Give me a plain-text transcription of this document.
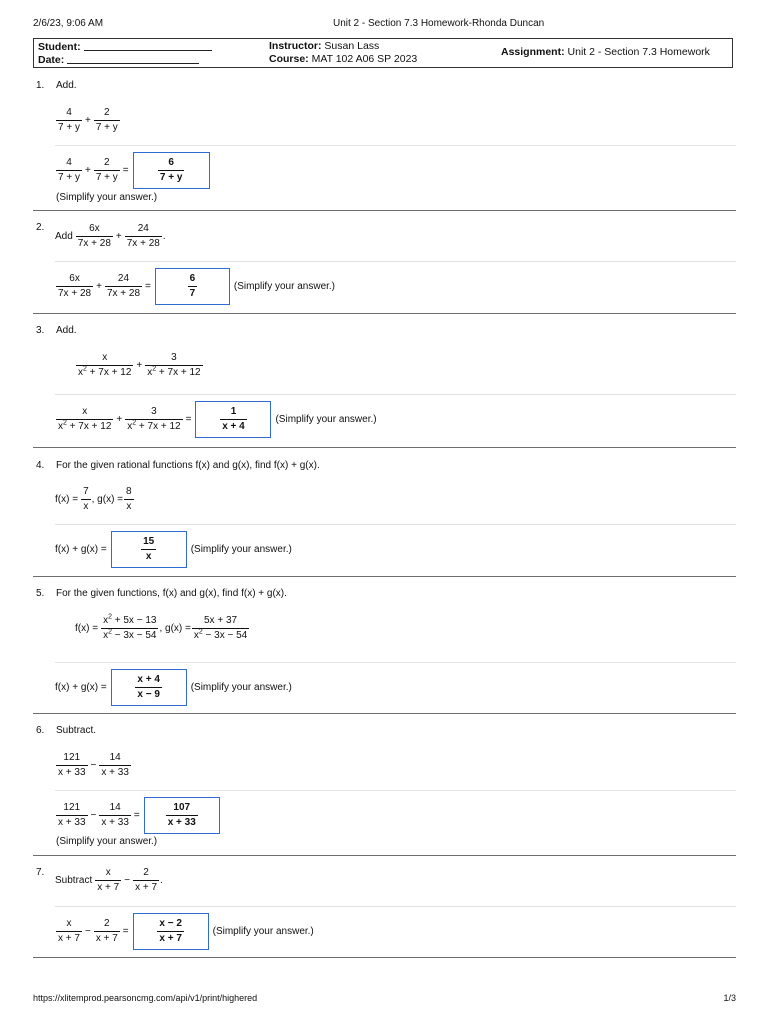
2/6/23, 9:06 AM	Unit 2 - Section 7.3 Homework-Rhonda Duncan
Student:
Date:
Instructor: Susan Lass
Course: MAT 102 A06 SP 2023
Assignment: Unit 2 - Section 7.3 Homework
1. Add.
$\frac{4}{7 + y} + \frac{2}{7 + y}$
$\frac{4}{7 + y} + \frac{2}{7 + y}$ =	$\frac{6}{7 + y}$
(Simplify your answer.)
2.
Add $\frac{6x}{7x + 28} + \frac{24}{7x + 28}$ .
$\frac{6x}{7x + 28} + \frac{24}{7x + 28}$ =	$\frac{6}{7}$	(Simplify your answer.)
3. Add.
$\frac{x}{x^2 + 7x + 12} + \frac{3}{x^2 + 7x + 12}$
$\frac{x}{x^2 + 7x + 12} + \frac{3}{x^2 + 7x + 12}$ =	$\frac{1}{x + 4}$	(Simplify your answer.)
4. For the given rational functions f(x) and g(x), find f(x) + g(x).
$f(x) = \frac{7}{x}$ , $g(x) = \frac{8}{x}$
f(x) + g(x) =	$\frac{15}{x}$	(Simplify your answer.)
5. For the given functions, f(x) and g(x), find f(x) + g(x).
$f(x) = \frac{x^2 + 5x - 13}{x^2 - 3x - 54}$ , $g(x) = \frac{5x + 37}{x^2 - 3x - 54}$
f(x) + g(x) =	$\frac{x + 4}{x - 9}$	(Simplify your answer.)
6. Subtract.
$\frac{121}{x + 33} - \frac{14}{x + 33}$
$\frac{121}{x + 33} - \frac{14}{x + 33}$ =	$\frac{107}{x + 33}$
(Simplify your answer.)
7.
Subtract $\frac{x}{x + 7} - \frac{2}{x + 7}$ .
$\frac{x}{x + 7} - \frac{2}{x + 7}$ =	$\frac{x - 2}{x + 7}$	(Simplify your answer.)
https://xlitemprod.pearsoncmg.com/api/v1/print/highered	1/3
